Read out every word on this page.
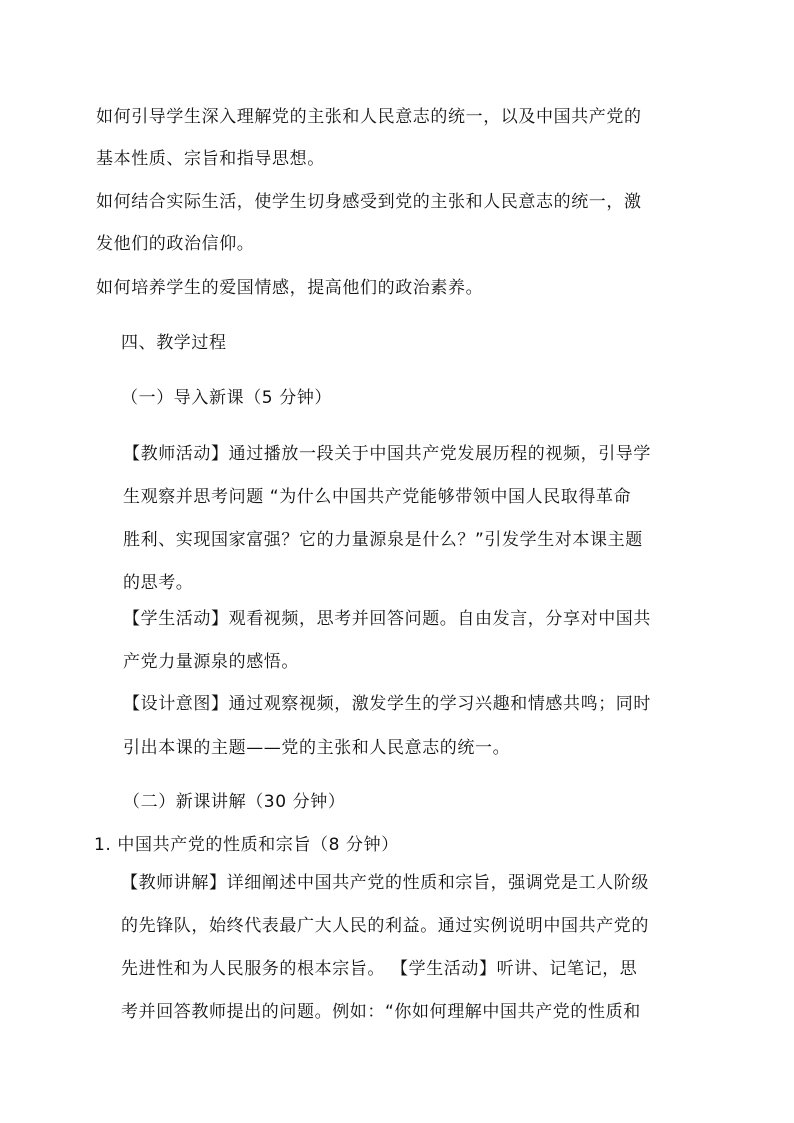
如何引导学生深入理解党的主张和人民意志的统一，以及中国共产党的
基本性质、宗旨和指导思想。
如何结合实际生活，使学生切身感受到党的主张和人民意志的统一，激
发他们的政治信仰。
如何培养学生的爱国情感，提高他们的政治素养。
四、教学过程
（一）导入新课（5 分钟）
【教师活动】通过播放一段关于中国共产党发展历程的视频，引导学
生观察并思考问题 “为什么中国共产党能够带领中国人民取得革命
胜利、实现国家富强？它的力量源泉是什么？”引发学生对本课主题
的思考。
【学生活动】观看视频，思考并回答问题。自由发言，分享对中国共
产党力量源泉的感悟。
【设计意图】通过观察视频，激发学生的学习兴趣和情感共鸣；同时
引出本课的主题——党的主张和人民意志的统一。
（二）新课讲解（30 分钟）
1. 中国共产党的性质和宗旨（8 分钟）
【教师讲解】详细阐述中国共产党的性质和宗旨，强调党是工人阶级
的先锋队，始终代表最广大人民的利益。通过实例说明中国共产党的
先进性和为人民服务的根本宗旨。 【学生活动】听讲、记笔记，思
考并回答教师提出的问题。例如：“你如何理解中国共产党的性质和
